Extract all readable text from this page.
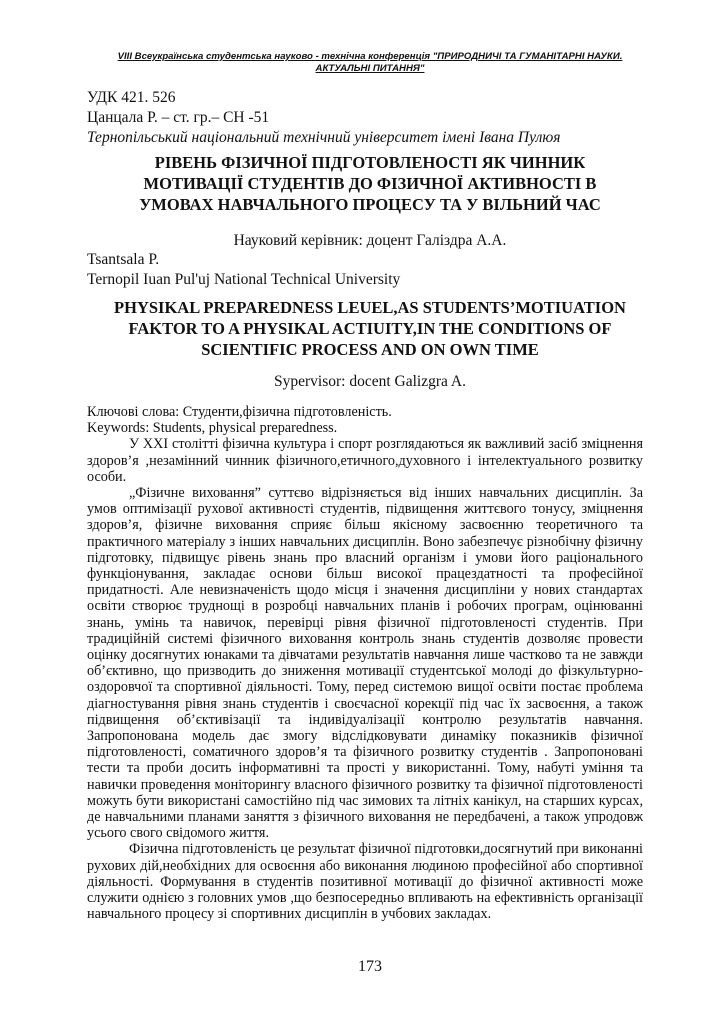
VIII Всеукраїнська студентська науково - технічна конференція "ПРИРОДНИЧІ ТА ГУМАНІТАРНІ НАУКИ.
АКТУАЛЬНІ ПИТАННЯ"
УДК 421. 526
Цанцала Р. – ст. гр.– СН -51
Тернопільський національний технічний університет імені Івана Пулюя
РІВЕНЬ ФІЗИЧНОЇ ПІДГОТОВЛЕНОСТІ ЯК ЧИННИК
МОТИВАЦІЇ СТУДЕНТІВ ДО ФІЗИЧНОЇ АКТИВНОСТІ В
УМОВАХ НАВЧАЛЬНОГО ПРОЦЕСУ ТА У ВІЛЬНИЙ ЧАС
Науковий керівник: доцент Галіздра А.А.
Tsantsala P.
Ternopil Iuan Pul'uj National Technical University
PHYSIKAL PREPAREDNESS LEUEL,AS STUDENTS’MOTIUATION
FAKTOR TO A PHYSIKAL ACTIUITY,IN THE CONDITIONS OF
SCIENTIFIC PROCESS AND ON OWN TIME
Sypervisor: docent Galizgra A.

Ключові слова: Студенти,фізична підготовленість.

Keywords: Students, physical preparedness.

У XXI столітті фізична культура і спорт розглядаються як важливий засіб зміцнення здоров’я ,незамінний чинник фізичного,етичного,духовного і інтелектуального розвитку особи.

„Фізичне виховання” суттєво відрізняється від інших навчальних дисциплін. За умов оптимізації рухової активності студентів, підвищення життєвого тонусу, зміцнення здоров’я, фізичне виховання сприяє більш якісному засвоєнню теоретичного та практичного матеріалу з інших навчальних дисциплін. Воно забезпечує різнобічну фізичну підготовку, підвищує рівень знань про власний організм і умови його раціонального функціонування, закладає основи більш високої працездатності та професійної придатності. Але невизначеність щодо місця і значення дисципліни у нових стандартах освіти створює труднощі в розробці навчальних планів і робочих програм, оцінюванні знань, умінь та навичок, перевірці рівня фізичної підготовленості студентів. При традиційній системі фізичного виховання контроль знань студентів дозволяє провести оцінку досягнутих юнаками та дівчатами результатів навчання лише частково та не завжди об’єктивно, що призводить до зниження мотивації студентської молоді до фізкультурно-оздоровчої та спортивної діяльності. Тому, перед системою вищої освіти постає проблема діагностування рівня знань студентів і своєчасної корекції під час їх засвоєння, а також підвищення об’єктивізації та індивідуалізації контролю результатів навчання. Запропонована модель дає змогу відслідковувати динаміку показників фізичної підготовленості, соматичного здоров’я та фізичного розвитку студентів . Запропоновані тести та проби досить інформативні та прості у використанні. Тому, набуті уміння та навички проведення моніторингу власного фізичного розвитку та фізичної підготовленості можуть бути використані самостійно під час зимових та літніх канікул, на старших курсах, де навчальними планами заняття з фізичного виховання не передбачені, а також упродовж усього свого свідомого життя.

Фізична підготовленість це результат фізичної підготовки,досягнутий при виконанні рухових дій,необхідних для освоєння або виконання людиною професійної або спортивної діяльності. Формування в студентів позитивної мотивації до фізичної активності може служити однією з головних умов ,що безпосередньо впливають на ефективність організації навчального процесу зі спортивних дисциплін в учбових закладах.

173
